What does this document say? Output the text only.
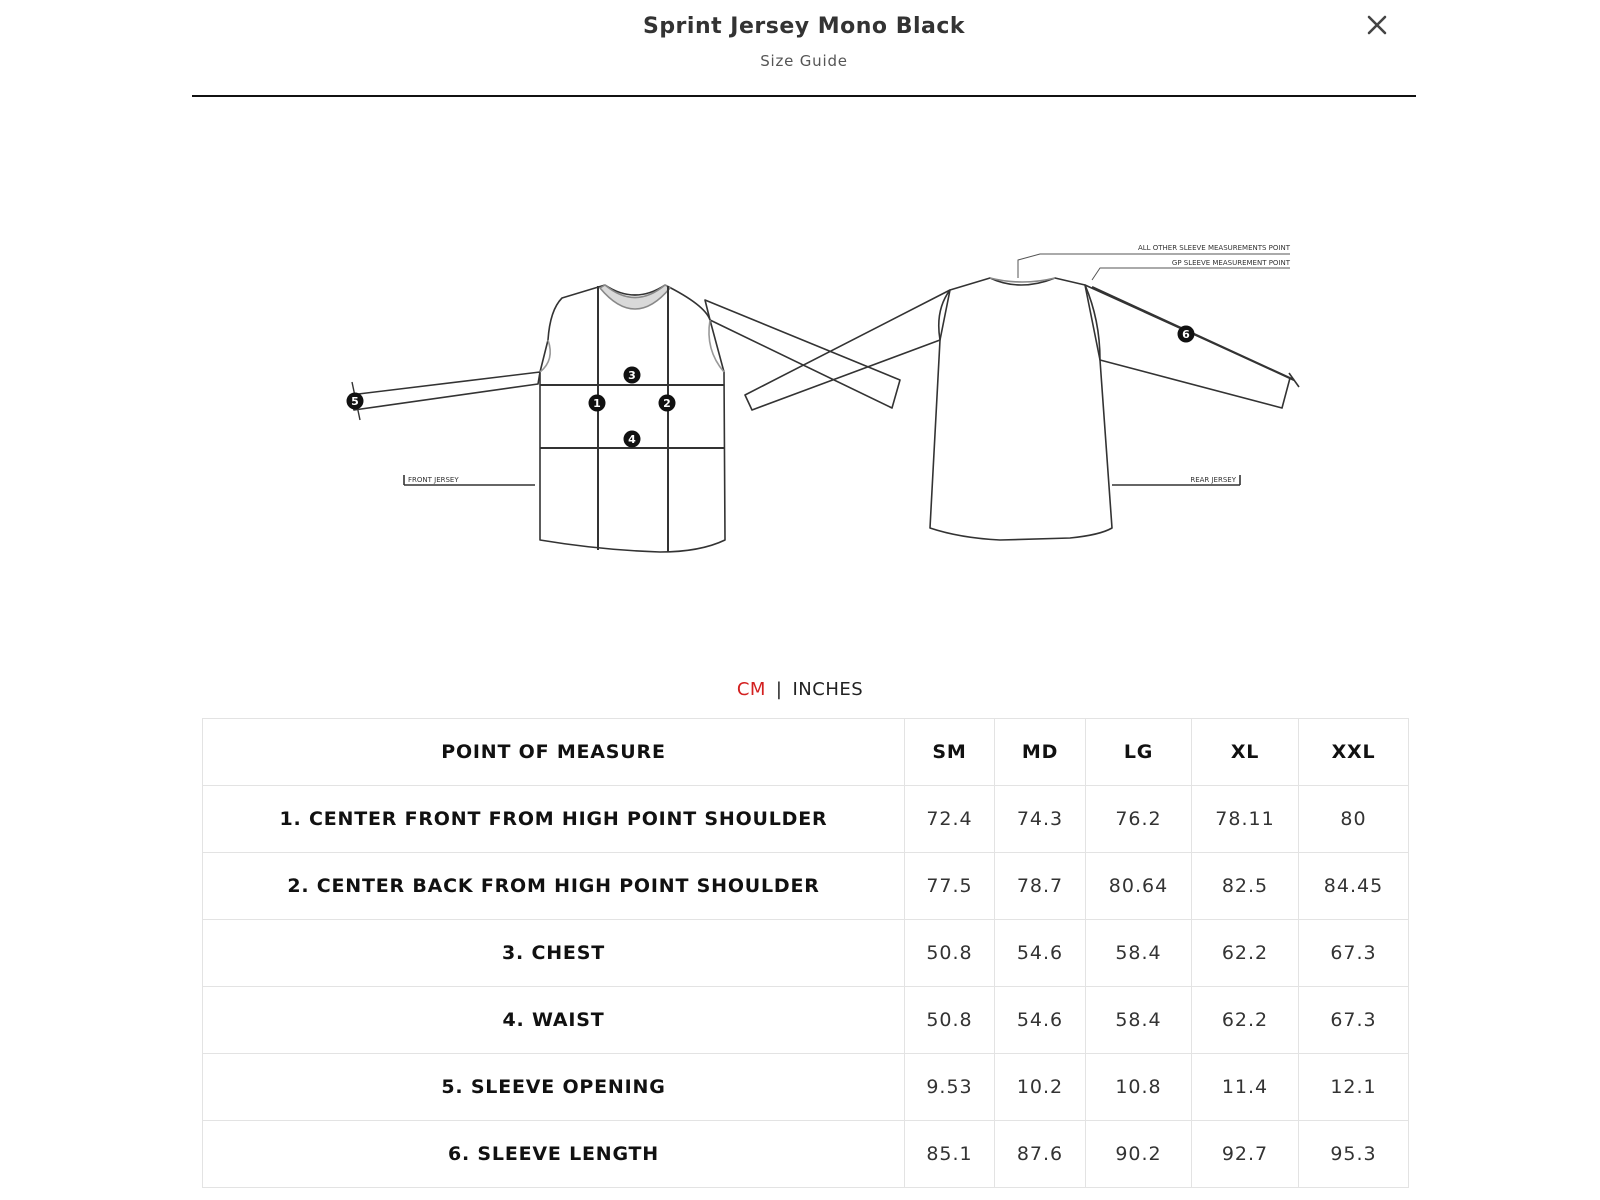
Sprint Jersey Mono Black
Size Guide
1	2
3
4
5
6
FRONT JERSEY	REAR JERSEY
ALL OTHER SLEEVE MEASUREMENTS POINT
GP SLEEVE MEASUREMENT POINT
CM | INCHES
POINT OF MEASURE	SM	MD	LG	XL	XXL
1. CENTER FRONT FROM HIGH POINT SHOULDER	72.4	74.3	76.2	78.11	80
2. CENTER BACK FROM HIGH POINT SHOULDER	77.5	78.7	80.64	82.5	84.45
3. CHEST	50.8	54.6	58.4	62.2	67.3
4. WAIST	50.8	54.6	58.4	62.2	67.3
5. SLEEVE OPENING	9.53	10.2	10.8	11.4	12.1
6. SLEEVE LENGTH	85.1	87.6	90.2	92.7	95.3
